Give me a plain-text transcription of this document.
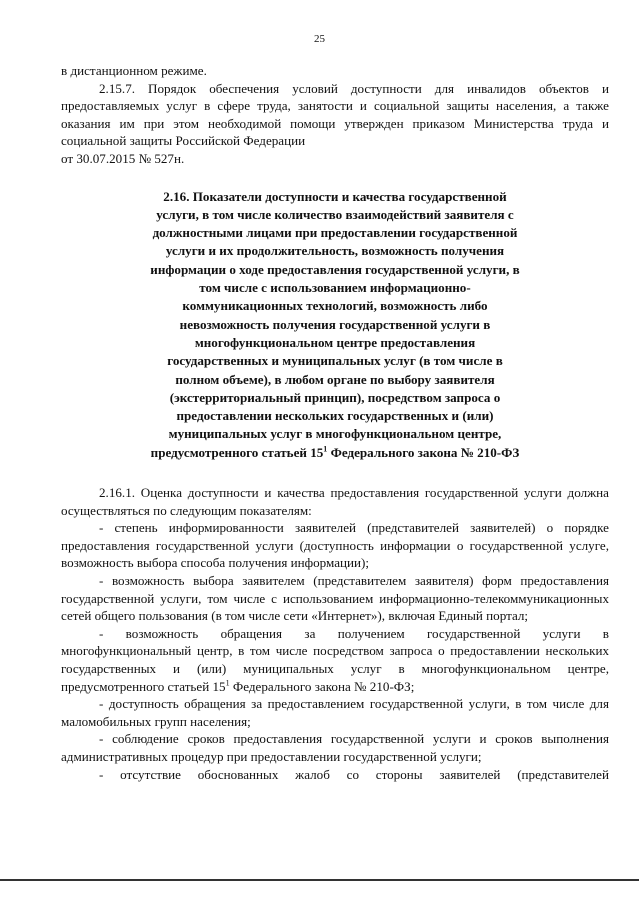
25

в дистанционном режиме.

2.15.7. Порядок обеспечения условий доступности для инвалидов объектов и предоставляемых услуг в сфере труда, занятости и социальной защиты населения, а также оказания им при этом необходимой помощи утвержден приказом Министерства труда и социальной защиты Российской Федерации

от 30.07.2015 № 527н.

2.16. Показатели доступности и качества государственной услуги, в том числе количество взаимодействий заявителя с должностными лицами при предоставлении государственной услуги и их продолжительность, возможность получения информации о ходе предоставления государственной услуги, в том числе с использованием информационно-коммуникационных технологий, возможность либо невозможность получения государственной услуги в многофункциональном центре предоставления государственных и муниципальных услуг (в том числе в полном объеме), в любом органе по выбору заявителя (экстерриториальный принцип), посредством запроса о предоставлении нескольких государственных и (или) муниципальных услуг в многофункциональном центре, предусмотренного статьей $15^1$ Федерального закона № 210-ФЗ

2.16.1. Оценка доступности и качества предоставления государственной услуги должна осуществляться по следующим показателям:

- степень информированности заявителей (представителей заявителей) о порядке предоставления государственной услуги (доступность информации о государственной услуге, возможность выбора способа получения информации);

- возможность выбора заявителем (представителем заявителя) форм предоставления государственной услуги, том числе с использованием информационно-телекоммуникационных сетей общего пользования (в том числе сети «Интернет»), включая Единый портал;

- возможность обращения за получением государственной услуги в многофункциональный центр, в том числе посредством запроса о предоставлении нескольких государственных и (или) муниципальных услуг в многофункциональном центре, предусмотренного статьей $15^1$ Федерального закона № 210-ФЗ;

- доступность обращения за предоставлением государственной услуги, в том числе для маломобильных групп населения;

- соблюдение сроков предоставления государственной услуги и сроков выполнения административных процедур при предоставлении государственной услуги;

- отсутствие обоснованных жалоб со стороны заявителей (представителей
